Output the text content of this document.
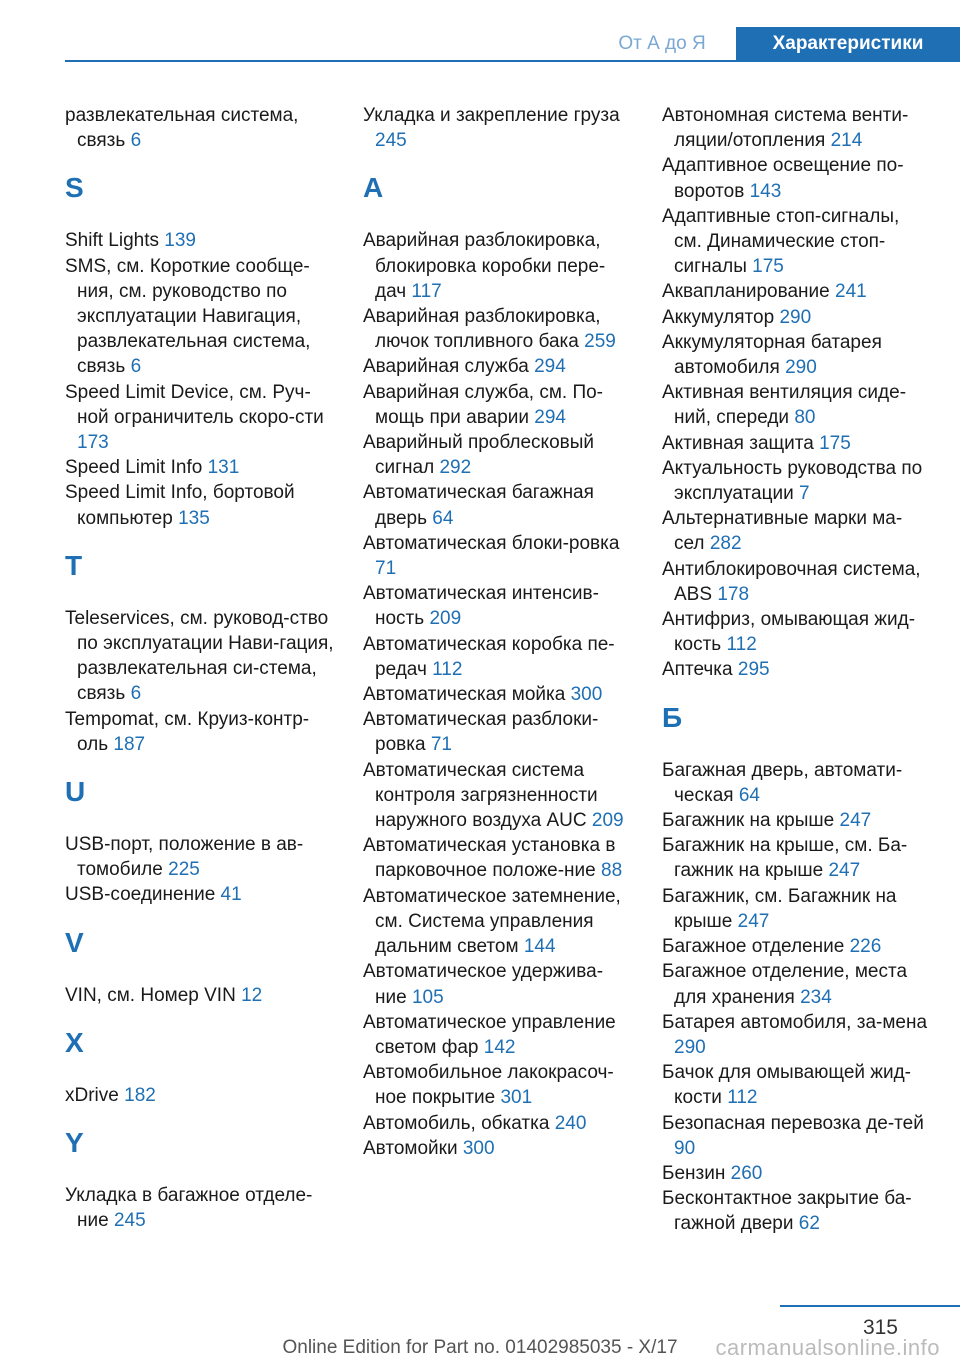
От А до Я	Характеристики
развлекательная система, связь 6
S
Shift Lights 139
SMS, см. Короткие сообще-ния, см. руководство по эксплуатации Навигация, развлекательная система, связь 6
Speed Limit Device, см. Руч-ной ограничитель скоро-сти 173
Speed Limit Info 131
Speed Limit Info, бортовой компьютер 135
T
Teleservices, см. руковод-ство по эксплуатации Нави-гация, развлекательная си-стема, связь 6
Tempomat, см. Круиз-контр-оль 187
U
USB-порт, положение в ав-томобиле 225
USB-соединение 41
V
VIN, см. Номер VIN 12
X
xDrive 182
Y
Укладка в багажное отделе-ние 245
Укладка и закрепление груза 245
А
Аварийная разблокировка, блокировка коробки пере-дач 117
Аварийная разблокировка, лючок топливного бака 259
Аварийная служба 294
Аварийная служба, см. По-мощь при аварии 294
Аварийный проблесковый сигнал 292
Автоматическая багажная дверь 64
Автоматическая блоки-ровка 71
Автоматическая интенсив-ность 209
Автоматическая коробка пе-редач 112
Автоматическая мойка 300
Автоматическая разблоки-ровка 71
Автоматическая система контроля загрязненности наружного воздуха AUC 209
Автоматическая установка в парковочное положе-ние 88
Автоматическое затемнение, см. Система управления дальним светом 144
Автоматическое удержива-ние 105
Автоматическое управление светом фар 142
Автомобильное лакокрасоч-ное покрытие 301
Автомобиль, обкатка 240
Автомойки 300
Автономная система венти-ляции/отопления 214
Адаптивное освещение по-воротов 143
Адаптивные стоп-сигналы, см. Динамические стоп-сигналы 175
Аквапланирование 241
Аккумулятор 290
Аккумуляторная батарея автомобиля 290
Активная вентиляция сиде-ний, спереди 80
Активная защита 175
Актуальность руководства по эксплуатации 7
Альтернативные марки ма-сел 282
Антиблокировочная система, ABS 178
Антифриз, омывающая жид-кость 112
Аптечка 295
Б
Багажная дверь, автомати-ческая 64
Багажник на крыше 247
Багажник на крыше, см. Ба-гажник на крыше 247
Багажник, см. Багажник на крыше 247
Багажное отделение 226
Багажное отделение, места для хранения 234
Батарея автомобиля, за-мена 290
Бачок для омывающей жид-кости 112
Безопасная перевозка де-тей 90
Бензин 260
Бесконтактное закрытие ба-гажной двери 62
315
Online Edition for Part no. 01402985035 - X/17	carmanualsonline.info
